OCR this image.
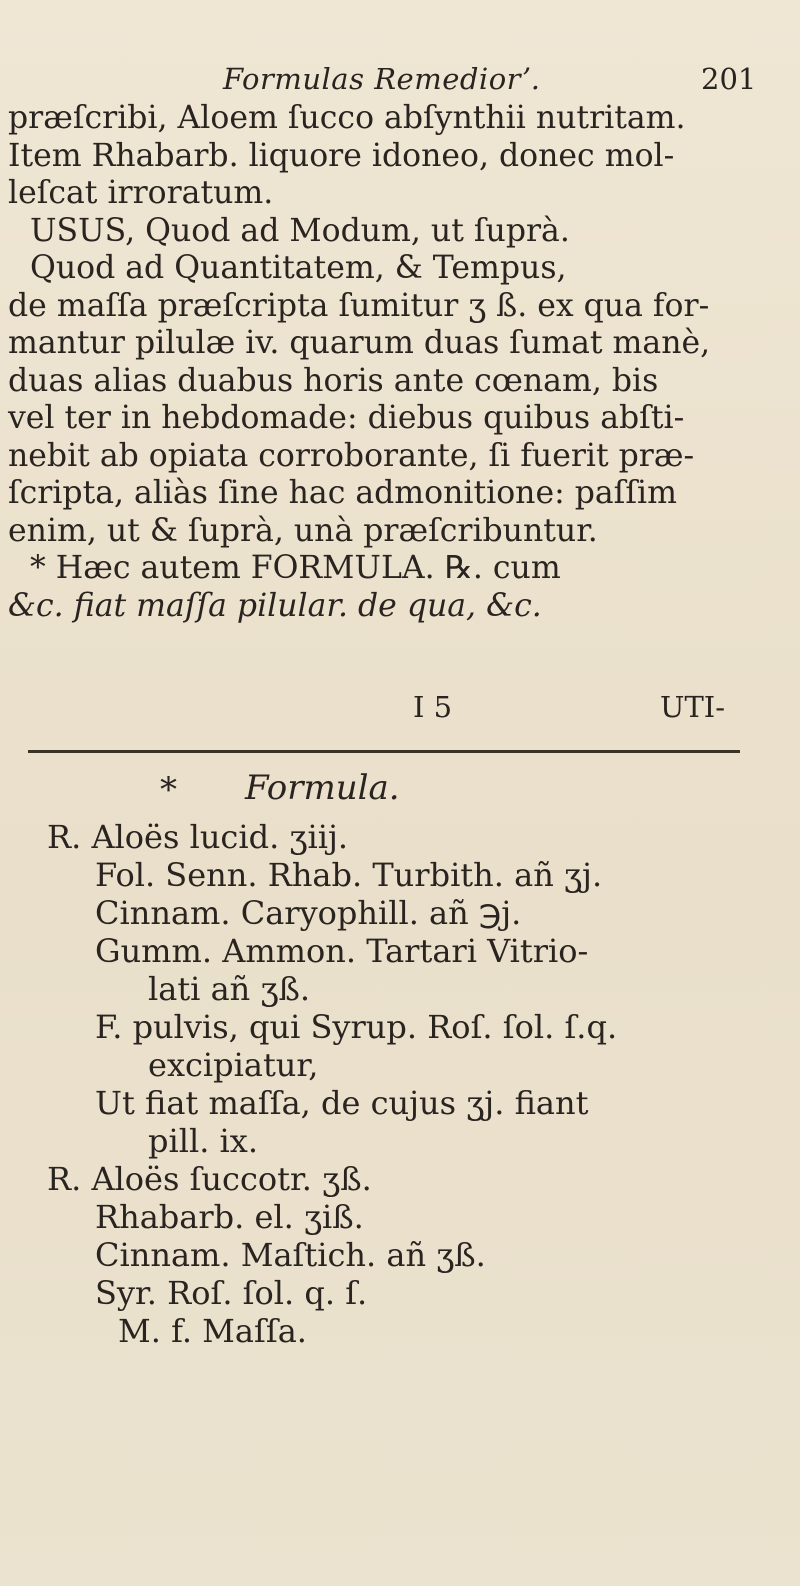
Formulas Remediorʼ.	201
præſcribi, Aloem ſucco abſynthii nutritam.
Item Rhabarb. liquore idoneo, donec mol-
leſcat irroratum.
USUS, Quod ad Modum, ut ſuprà.
Quod ad Quantitatem, & Tempus,
de maſſa præſcripta ſumitur ʒ ß. ex qua for-
mantur pilulæ iv. quarum duas ſumat manè,
duas alias duabus horis ante cœnam, bis
vel ter in hebdomade: diebus quibus abſti-
nebit ab opiata corroborante, ſi fuerit præ-
ſcripta, aliàs ſine hac admonitione: paſſim
enim, ut & ſuprà, unà præſcribuntur.
* Hæc autem FORMULA. ℞. cum
&c. fiat maſſa pilular. de qua, &c.
I 5	UTI-
* Formula.
R. Aloës lucid. ʒiij.
Fol. Senn. Rhab. Turbith. añ ʒj.
Cinnam. Caryophill. añ ℈j.
Gumm. Ammon. Tartari Vitrio-
lati añ ʒß.
F. pulvis, qui Syrup. Roſ. ſol. ſ.q.
excipiatur,
Ut fiat maſſa, de cujus ʒj. fiant
pill. ix.
R. Aloës ſuccotr. ʒß.
Rhabarb. el. ʒiß.
Cinnam. Maſtich. añ ʒß.
Syr. Roſ. ſol. q. ſ.
M. f. Maſſa.
